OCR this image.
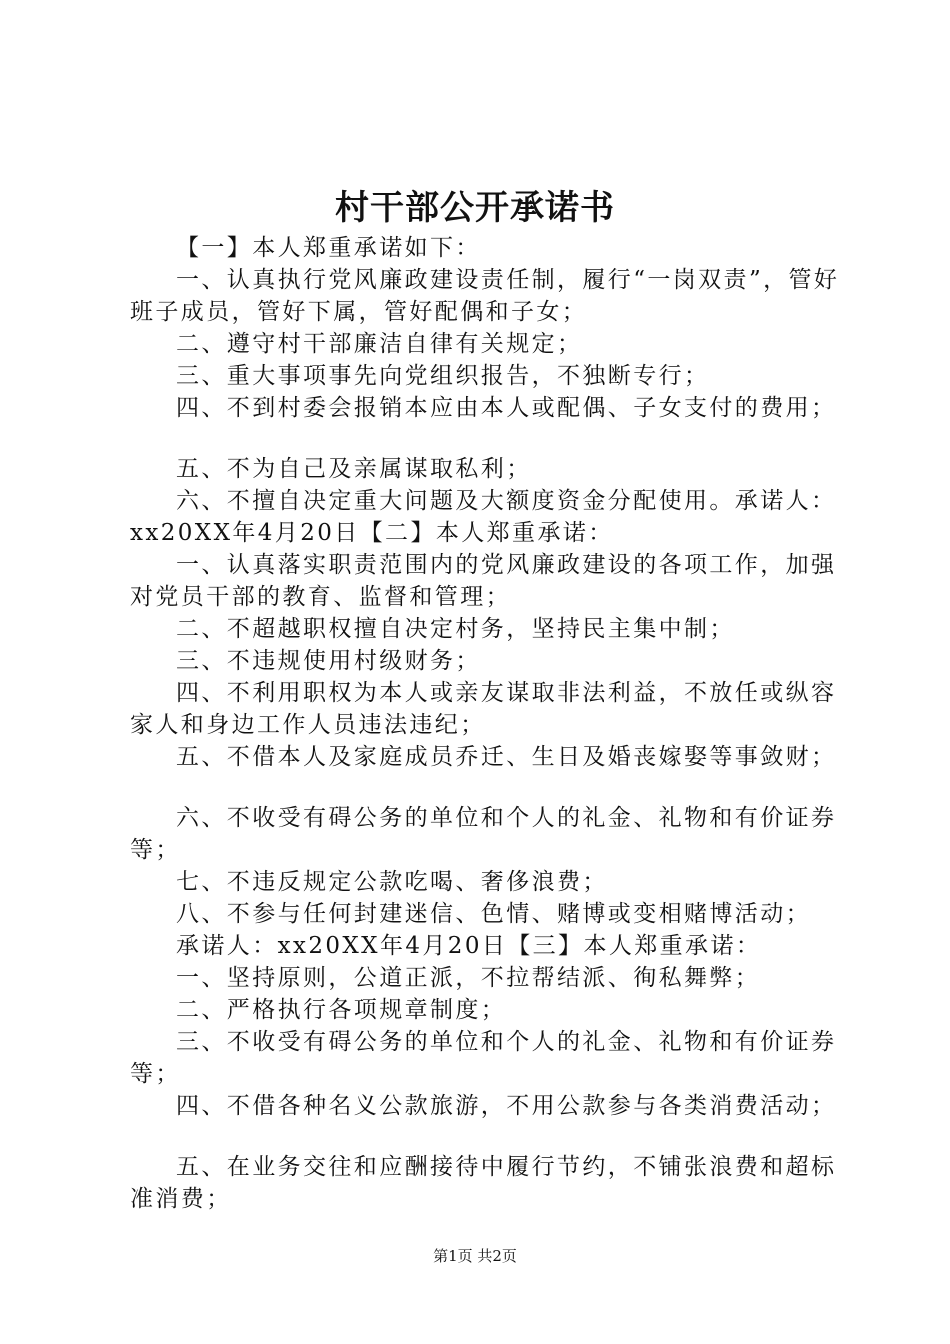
村干部公开承诺书

【一】本人郑重承诺如下：

一、认真执行党风廉政建设责任制，履行“一岗双责”，管好班子成员，管好下属，管好配偶和子女；

二、遵守村干部廉洁自律有关规定；

三、重大事项事先向党组织报告，不独断专行；

四、不到村委会报销本应由本人或配偶、子女支付的费用；

五、不为自己及亲属谋取私利；

六、不擅自决定重大问题及大额度资金分配使用。承诺人：xx20XX年4月20日【二】本人郑重承诺：

一、认真落实职责范围内的党风廉政建设的各项工作，加强对党员干部的教育、监督和管理；

二、不超越职权擅自决定村务，坚持民主集中制；

三、不违规使用村级财务；

四、不利用职权为本人或亲友谋取非法利益，不放任或纵容家人和身边工作人员违法违纪；

五、不借本人及家庭成员乔迁、生日及婚丧嫁娶等事敛财；

六、不收受有碍公务的单位和个人的礼金、礼物和有价证券等；

七、不违反规定公款吃喝、奢侈浪费；

八、不参与任何封建迷信、色情、赌博或变相赌博活动；

承诺人：xx20XX年4月20日【三】本人郑重承诺：

一、坚持原则，公道正派，不拉帮结派、徇私舞弊；

二、严格执行各项规章制度；

三、不收受有碍公务的单位和个人的礼金、礼物和有价证券等；

四、不借各种名义公款旅游，不用公款参与各类消费活动；

五、在业务交往和应酬接待中履行节约，不铺张浪费和超标准消费；

第1页 共2页
